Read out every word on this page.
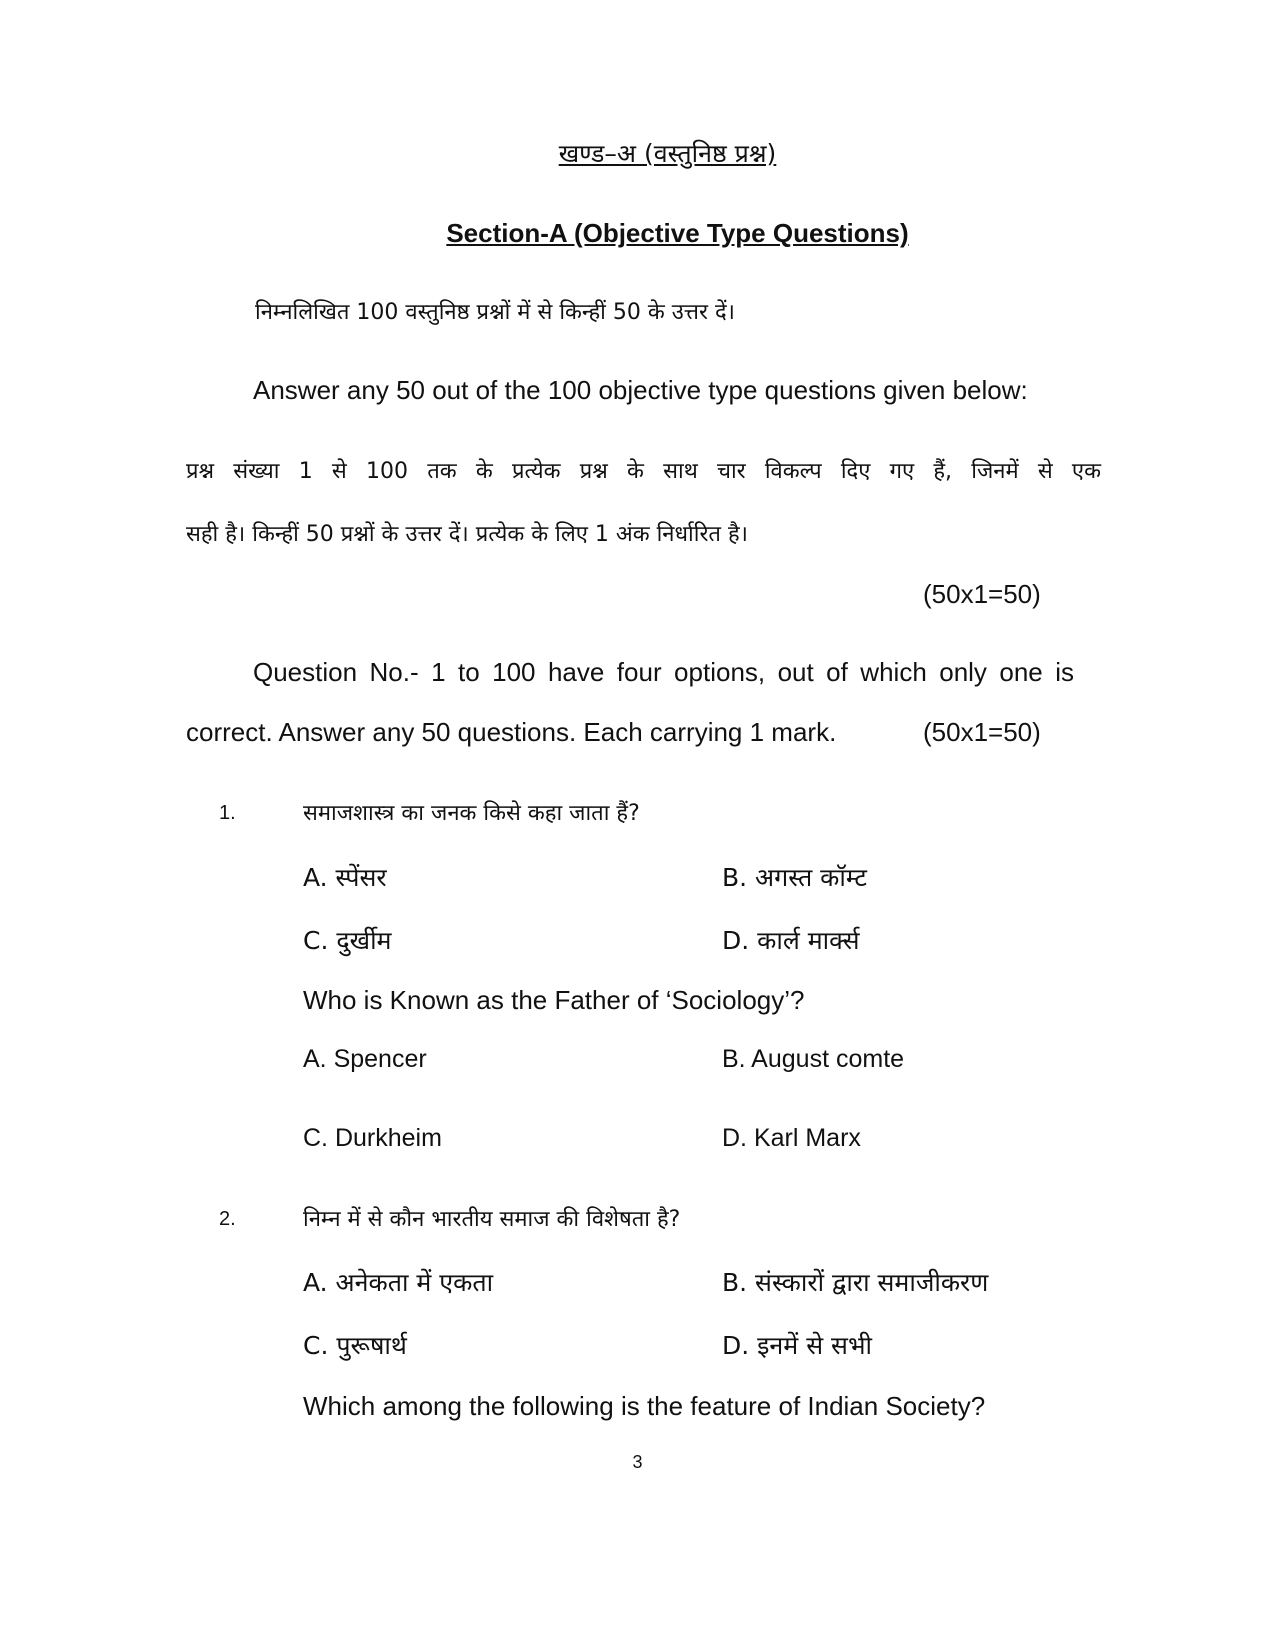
खण्ड–अ (वस्तुनिष्ठ प्रश्न)
Section-A (Objective Type Questions)
निम्नलिखित 100 वस्तुनिष्ठ प्रश्नों में से किन्हीं 50 के उत्तर दें।
Answer any 50 out of the 100 objective type questions given below:
प्रश्न संख्या 1 से 100 तक के प्रत्येक प्रश्न के साथ चार विकल्प दिए गए हैं, जिनमें से एक
सही है। किन्हीं 50 प्रश्नों के उत्तर दें। प्रत्येक के लिए 1 अंक निर्धारित है।
(50x1=50)
Question No.- 1 to 100 have four options, out of which only one is
correct. Answer any 50 questions. Each carrying 1 mark.	(50x1=50)
1.	समाजशास्त्र का जनक किसे कहा जाता हैं?
A. स्पेंसर	B. अगस्त कॉम्ट
C. दुर्खीम	D. कार्ल मार्क्स
Who is Known as the Father of ‘Sociology’?
A. Spencer	B. August comte
C. Durkheim	D. Karl Marx
2.	निम्न में से कौन भारतीय समाज की विशेषता है?
A. अनेकता में एकता	B. संस्कारों द्वारा समाजीकरण
C. पुरूषार्थ	D. इनमें से सभी
Which among the following is the feature of Indian Society?
3
